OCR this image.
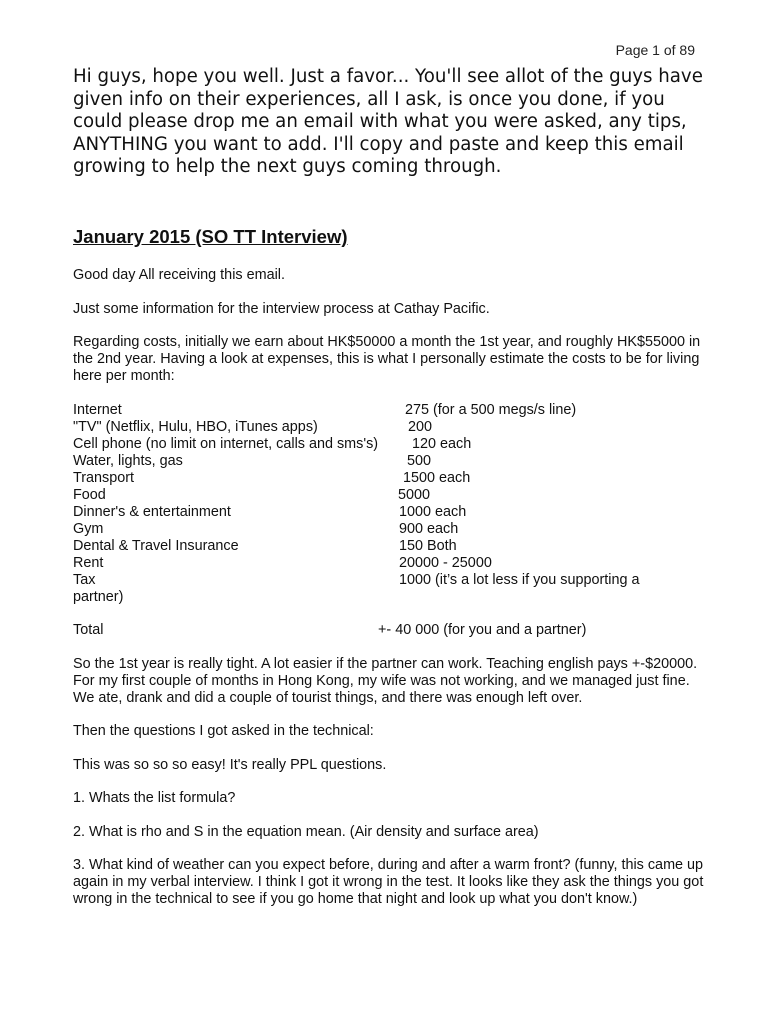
Page 1 of 89

Hi guys, hope you well. Just a favor... You'll see allot of the guys have given info on their experiences, all I ask, is once you done, if you could please drop me an email with what you were asked, any tips, ANYTHING you want to add. I'll copy and paste and keep this email growing to help the next guys coming through.

January 2015 (SO TT Interview)

Good day All receiving this email.

Just some information for the interview process at Cathay Pacific.

Regarding costs, initially we earn about HK$50000 a month the 1st year, and roughly HK$55000 in the 2nd year. Having a look at expenses, this is what I personally estimate the costs to be for living here per month:

Internet	275 (for a 500 megs/s line)
"TV" (Netflix, Hulu, HBO, iTunes apps)	200
Cell phone (no limit on internet, calls and sms's) 120 each
Water, lights, gas	500
Transport	1500 each
Food	5000
Dinner's & entertainment	1000 each
Gym	900 each
Dental & Travel Insurance	150 Both
Rent	20000 - 25000
Tax	1000 (it’s a lot less if you supporting a
partner)
Total	+- 40 000 (for you and a partner)

So the 1st year is really tight. A lot easier if the partner can work. Teaching english pays +-$20000. For my first couple of months in Hong Kong, my wife was not working, and we managed just fine. We ate, drank and did a couple of tourist things, and there was enough left over.

Then the questions I got asked in the technical:

This was so so so easy! It's really PPL questions.

1. Whats the list formula?

2. What is rho and S in the equation mean. (Air density and surface area)

3. What kind of weather can you expect before, during and after a warm front? (funny, this came up again in my verbal interview. I think I got it wrong in the test. It looks like they ask the things you got wrong in the technical to see if you go home that night and look up what you don't know.)
